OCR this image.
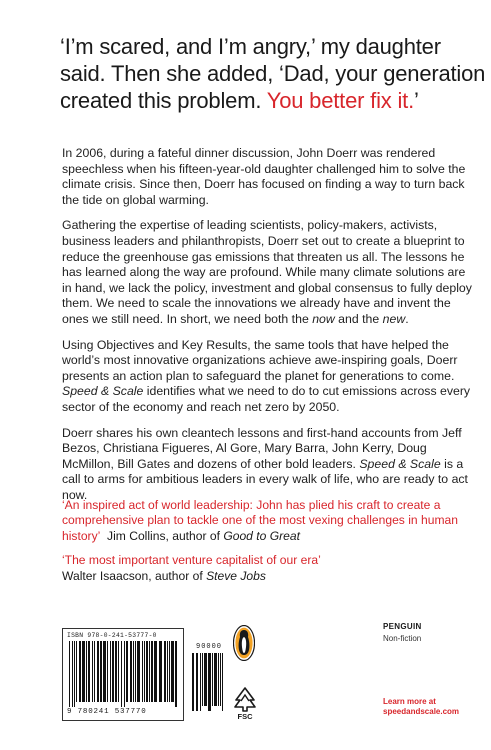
‘I’m scared, and I’m angry,’ my daughter said. Then she added, ‘Dad, your generation created this problem. You better fix it.’

In 2006, during a fateful dinner discussion, John Doerr was rendered speechless when his fifteen-year-old daughter challenged him to solve the climate crisis. Since then, Doerr has focused on finding a way to turn back the tide on global warming.

Gathering the expertise of leading scientists, policy-makers, activists, business leaders and philanthropists, Doerr set out to create a blueprint to reduce the greenhouse gas emissions that threaten us all. The lessons he has learned along the way are profound. While many climate solutions are in hand, we lack the policy, investment and global consensus to fully deploy them. We need to scale the innovations we already have and invent the ones we still need. In short, we need both the now and the new.

Using Objectives and Key Results, the same tools that have helped the world’s most innovative organizations achieve awe-inspiring goals, Doerr presents an action plan to safeguard the planet for generations to come. Speed & Scale identifies what we need to do to cut emissions across every sector of the economy and reach net zero by 2050.

Doerr shares his own cleantech lessons and first-hand accounts from Jeff Bezos, Christiana Figueres, Al Gore, Mary Barra, John Kerry, Doug McMillon, Bill Gates and dozens of other bold leaders. Speed & Scale is a call to arms for ambitious leaders in every walk of life, who are ready to act now.

‘An inspired act of world leadership: John has plied his craft to create a comprehensive plan to tackle one of the most vexing challenges in human history’ Jim Collins, author of Good to Great

‘The most important venture capitalist of our era’
Walter Isaacson, author of Steve Jobs

ISBN 978-0-241-53777-0
9 780241 537770
90000
FSC
PENGUIN
Non-fiction
Learn more at
speedandscale.com
